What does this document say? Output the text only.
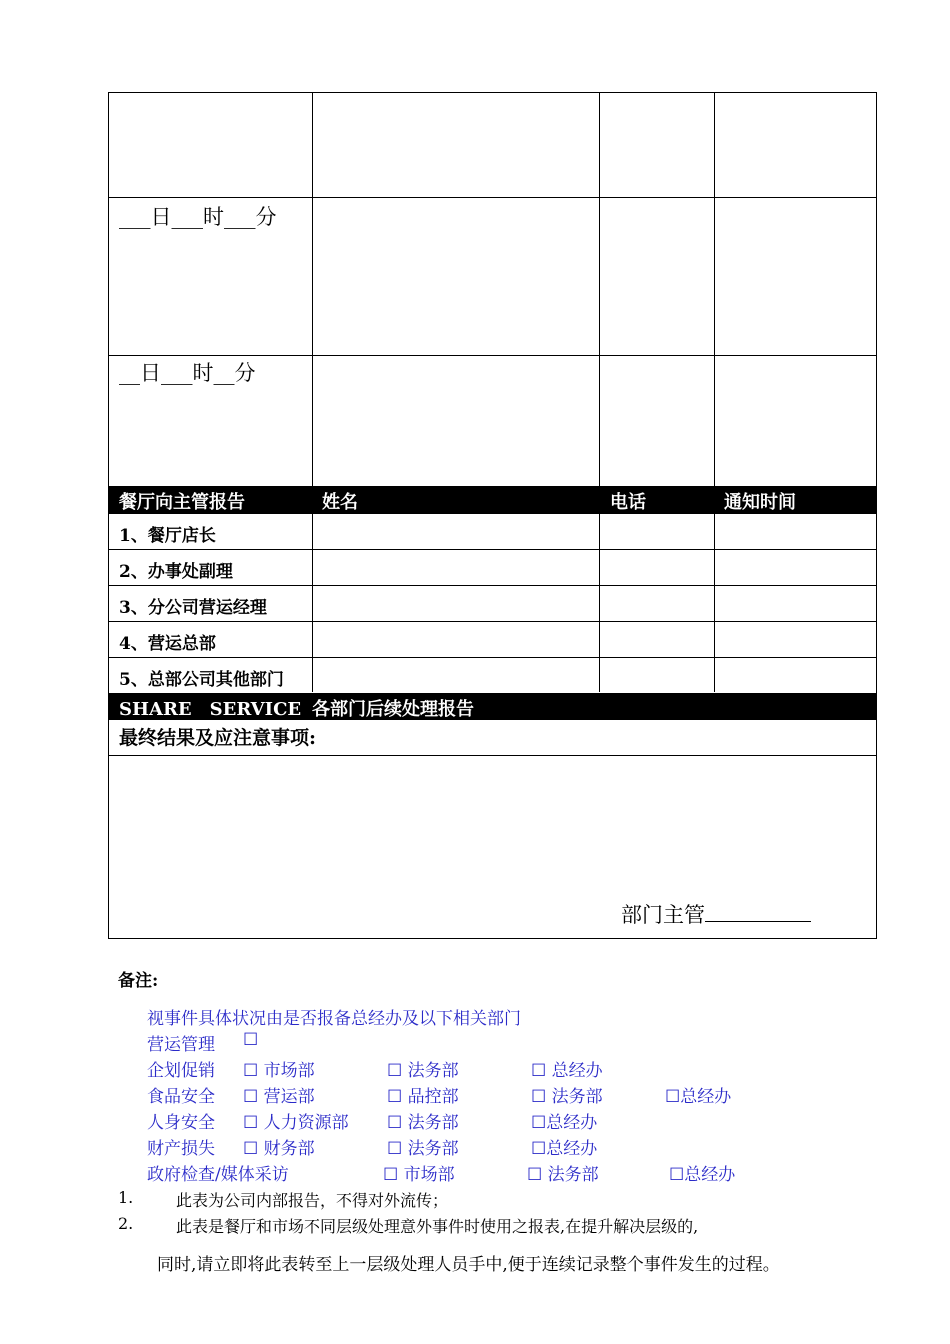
___日___时___分
__日___时__分
餐厅向主管报告	姓名	电话	通知时间
1、餐厅店长
2、办事处副理
3、分公司营运经理
4、营运总部
5、总部公司其他部门
SHARE　SERVICE 各部门后续处理报告
最终结果及应注意事项:
部门主管
备注:
视事件具体状况由是否报备总经办及以下相关部门
营运管理 ☐
企划促销 ☐ 市场部	☐ 法务部	☐ 总经办
食品安全 ☐ 营运部	☐ 品控部	☐ 法务部	☐总经办
人身安全 ☐ 人力资源部 ☐ 法务部	☐总经办
财产损失 ☐ 财务部	☐ 法务部	☐总经办
政府检查/媒体采访	☐ 市场部	☐ 法务部	☐总经办
1.	此表为公司内部报告，不得对外流传；
2.	此表是餐厅和市场不同层级处理意外事件时使用之报表,在提升解决层级的,
同时,请立即将此表转至上一层级处理人员手中,便于连续记录整个事件发生的过程。
